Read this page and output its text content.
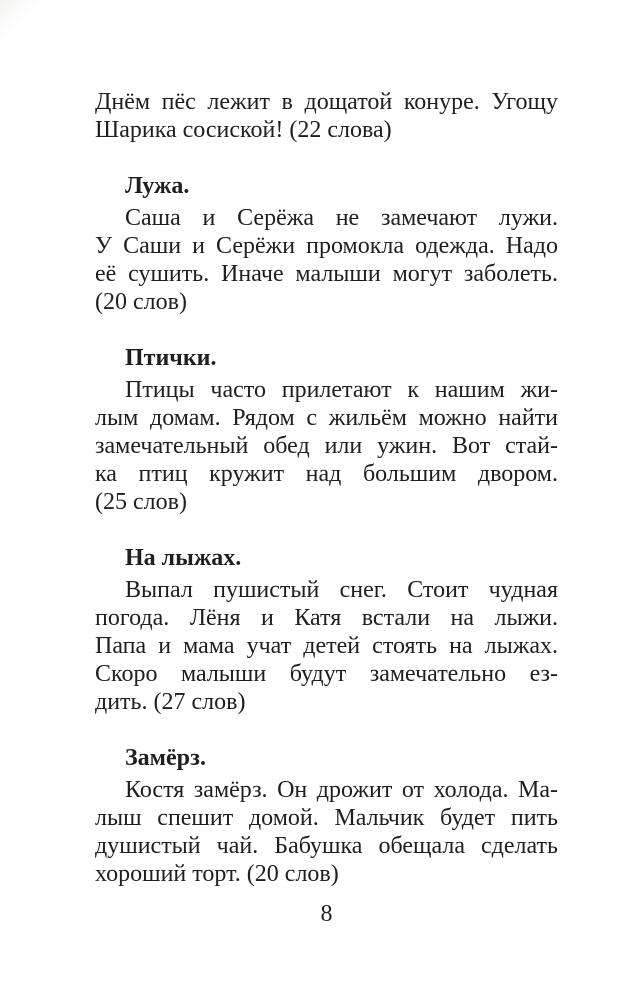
Днём пёс лежит в дощатой конуре. Угощу
Шарика сосиской! (22 слова)

Лужа.

Саша и Серёжа не замечают лужи.
У Саши и Серёжи промокла одежда. Надо
её сушить. Иначе малыши могут заболеть.
(20 слов)

Птички.

Птицы часто прилетают к нашим жи-
лым домам. Рядом с жильём можно найти
замечательный обед или ужин. Вот стай-
ка птиц кружит над большим двором.
(25 слов)

На лыжах.

Выпал пушистый снег. Стоит чудная
погода. Лёня и Катя встали на лыжи.
Папа и мама учат детей стоять на лыжах.
Скоро малыши будут замечательно ез-
дить. (27 слов)

Замёрз.

Костя замёрз. Он дрожит от холода. Ма-
лыш спешит домой. Мальчик будет пить
душистый чай. Бабушка обещала сделать
хороший торт. (20 слов)

8
